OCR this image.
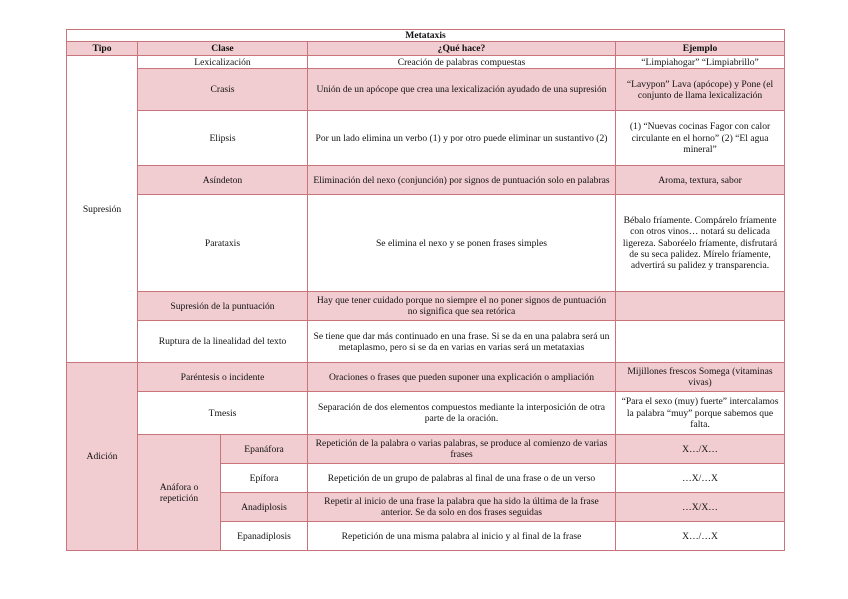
Metataxis				
Tipo	Clase		¿Qué hace?	Ejemplo
Supresión	Lexicalización		Creación de palabras compuestas	“Limpiahogar” “Limpiabrillo”
	Crasis		Unión de un apócope que crea una lexicalización ayudado de una supresión	“Lavypon” Lava (apócope) y Pone (el conjunto de llama lexicalización
	Elipsis		Por un lado elimina un verbo (1) y por otro puede eliminar un sustantivo (2)	(1) “Nuevas cocinas Fagor con calor circulante en el horno” (2) “El agua mineral”
	Asíndeton		Eliminación del nexo (conjunción) por signos de puntuación solo en palabras	Aroma, textura, sabor
	Parataxis		Se elimina el nexo y se ponen frases simples	Bébalo fríamente. Compárelo fríamente con otros vinos… notará su delicada ligereza. Saboréelo fríamente, disfrutará de su seca palidez. Mírelo fríamente, advertirá su palidez y transparencia.
	Supresión de la puntuación		Hay que tener cuidado porque no siempre el no poner signos de puntuación no significa que sea retórica	
	Ruptura de la linealidad del texto		Se tiene que dar más continuado en una frase. Si se da en una palabra será un metaplasmo, pero si se da en varias en varias será un metataxias	
Adición	Paréntesis o incidente		Oraciones o frases que pueden suponer una explicación o ampliación	Mijillones frescos Somega (vitaminas vivas)
	Tmesis		Separación de dos elementos compuestos mediante la interposición de otra parte de la oración.	“Para el sexo (muy) fuerte” intercalamos la palabra “muy” porque sabemos que falta.
	Anáfora o repetición	Epanáfora	Repetición de la palabra o varias palabras, se produce al comienzo de varias frases	X…/X…
		Epífora	Repetición de un grupo de palabras al final de una frase o de un verso	…X/…X
		Anadiplosis	Repetir al inicio de una frase la palabra que ha sido la última de la frase anterior. Se da solo en dos frases seguidas	…X/X…
		Epanadiplosis	Repetición de una misma palabra al inicio y al final de la frase	X…/…X
